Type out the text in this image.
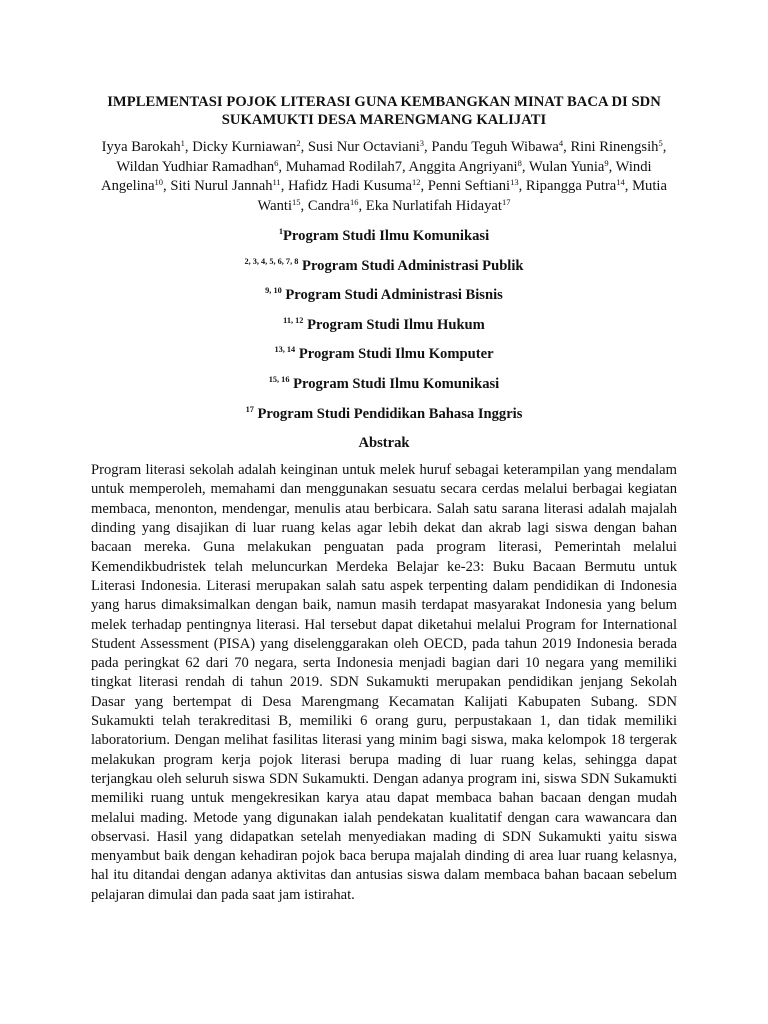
IMPLEMENTASI POJOK LITERASI GUNA KEMBANGKAN MINAT BACA DI SDN
SUKAMUKTI DESA MARENGMANG KALIJATI
Iyya Barokah$^1$, Dicky Kurniawan$^2$, Susi Nur Octaviani$^3$, Pandu Teguh Wibawa$^4$, Rini Rinengsih$^5$, Wildan Yudhiar Ramadhan$^6$, Muhamad Rodilah7, Anggita Angriyani$^8$, Wulan Yunia$^9$, Windi Angelina$^{10}$, Siti Nurul Jannah$^{11}$, Hafidz Hadi Kusuma$^{12}$, Penni Seftiani$^{13}$, Ripangga Putra$^{14}$, Mutia Wanti$^{15}$, Candra$^{16}$, Eka Nurlatifah Hidayat$^{17}$
$^1$Program Studi Ilmu Komunikasi
$^{2, 3, 4, 5, 6, 7, 8}$ Program Studi Administrasi Publik
$^{9, 10}$ Program Studi Administrasi Bisnis
$^{11, 12}$ Program Studi Ilmu Hukum
$^{13, 14}$ Program Studi Ilmu Komputer
$^{15, 16}$ Program Studi Ilmu Komunikasi
$^{17}$ Program Studi Pendidikan Bahasa Inggris
Abstrak

Program literasi sekolah adalah keinginan untuk melek huruf sebagai keterampilan yang mendalam untuk memperoleh, memahami dan menggunakan sesuatu secara cerdas melalui berbagai kegiatan membaca, menonton, mendengar, menulis atau berbicara. Salah satu sarana literasi adalah majalah dinding yang disajikan di luar ruang kelas agar lebih dekat dan akrab lagi siswa dengan bahan bacaan mereka. Guna melakukan penguatan pada program literasi, Pemerintah melalui Kemendikbudristek telah meluncurkan Merdeka Belajar ke-23: Buku Bacaan Bermutu untuk Literasi Indonesia. Literasi merupakan salah satu aspek terpenting dalam pendidikan di Indonesia yang harus dimaksimalkan dengan baik, namun masih terdapat masyarakat Indonesia yang belum melek terhadap pentingnya literasi. Hal tersebut dapat diketahui melalui Program for International Student Assessment (PISA) yang diselenggarakan oleh OECD, pada tahun 2019 Indonesia berada pada peringkat 62 dari 70 negara, serta Indonesia menjadi bagian dari 10 negara yang memiliki tingkat literasi rendah di tahun 2019. SDN Sukamukti merupakan pendidikan jenjang Sekolah Dasar yang bertempat di Desa Marengmang Kecamatan Kalijati Kabupaten Subang. SDN Sukamukti telah terakreditasi B, memiliki 6 orang guru, perpustakaan 1, dan tidak memiliki laboratorium. Dengan melihat fasilitas literasi yang minim bagi siswa, maka kelompok 18 tergerak melakukan program kerja pojok literasi berupa mading di luar ruang kelas, sehingga dapat terjangkau oleh seluruh siswa SDN Sukamukti. Dengan adanya program ini, siswa SDN Sukamukti memiliki ruang untuk mengekresikan karya atau dapat membaca bahan bacaan dengan mudah melalui mading. Metode yang digunakan ialah pendekatan kualitatif dengan cara wawancara dan observasi. Hasil yang didapatkan setelah menyediakan mading di SDN Sukamukti yaitu siswa menyambut baik dengan kehadiran pojok baca berupa majalah dinding di area luar ruang kelasnya, hal itu ditandai dengan adanya aktivitas dan antusias siswa dalam membaca bahan bacaan sebelum pelajaran dimulai dan pada saat jam istirahat.
